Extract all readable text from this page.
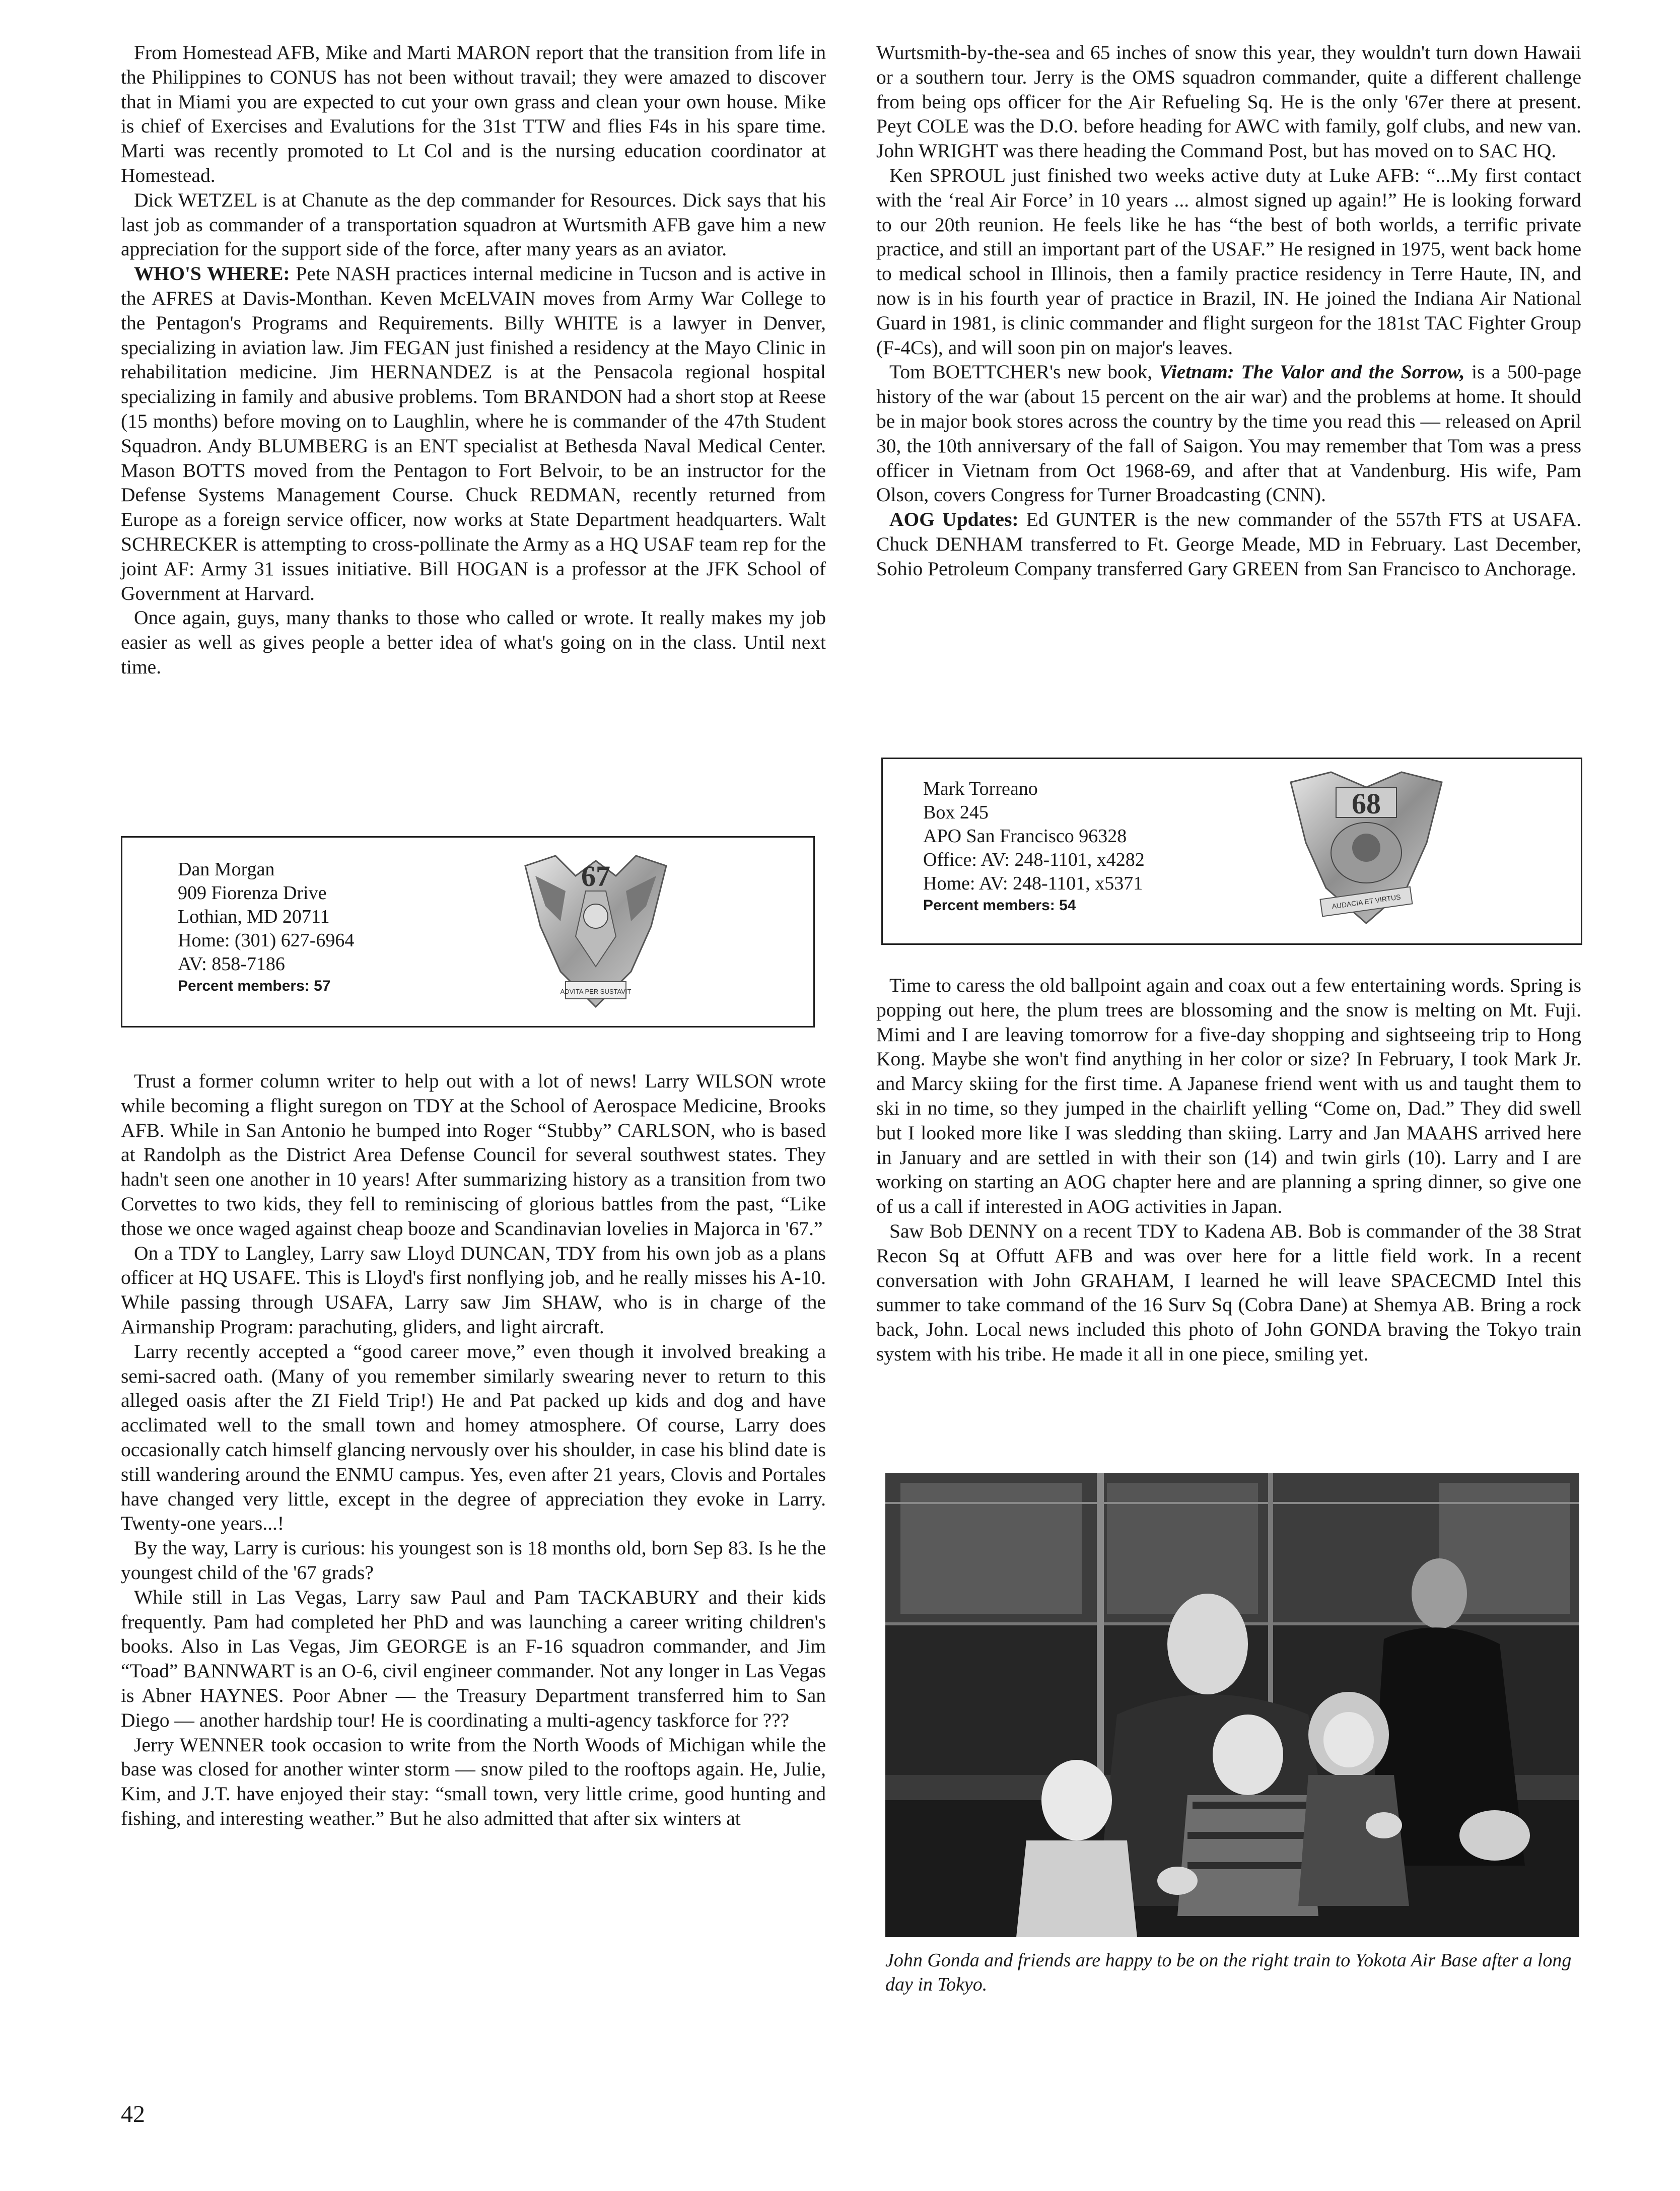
From Homestead AFB, Mike and Marti MARON report that the transition from life in the Philippines to CONUS has not been without travail; they were amazed to discover that in Miami you are expected to cut your own grass and clean your own house. Mike is chief of Exercises and Evalutions for the 31st TTW and flies F4s in his spare time. Marti was recently promoted to Lt Col and is the nursing education coordinator at Homestead.

Dick WETZEL is at Chanute as the dep commander for Resources. Dick says that his last job as commander of a transportation squadron at Wurtsmith AFB gave him a new appreciation for the support side of the force, after many years as an aviator.

WHO'S WHERE: Pete NASH practices internal medicine in Tucson and is active in the AFRES at Davis-Monthan. Keven McELVAIN moves from Army War College to the Pentagon's Programs and Requirements. Billy WHITE is a lawyer in Denver, specializing in aviation law. Jim FEGAN just finished a residency at the Mayo Clinic in rehabilitation medicine. Jim HERNANDEZ is at the Pensacola regional hospital specializing in family and abusive problems. Tom BRANDON had a short stop at Reese (15 months) before moving on to Laughlin, where he is commander of the 47th Student Squadron. Andy BLUMBERG is an ENT specialist at Bethesda Naval Medical Center. Mason BOTTS moved from the Pentagon to Fort Belvoir, to be an instructor for the Defense Systems Management Course. Chuck REDMAN, recently returned from Europe as a foreign service officer, now works at State Department headquarters. Walt SCHRECKER is attempting to cross-pollinate the Army as a HQ USAF team rep for the joint AF: Army 31 issues initiative. Bill HOGAN is a professor at the JFK School of Government at Harvard.

Once again, guys, many thanks to those who called or wrote. It really makes my job easier as well as gives people a better idea of what's going on in the class. Until next time.

Dan Morgan
909 Fiorenza Drive
Lothian, MD 20711
Home: (301) 627-6964
AV: 858-7186
Percent members: 57
67
ADVITA PER SUSTAVIT

Trust a former column writer to help out with a lot of news! Larry WILSON wrote while becoming a flight suregon on TDY at the School of Aerospace Medicine, Brooks AFB. While in San Antonio he bumped into Roger “Stubby” CARLSON, who is based at Randolph as the District Area Defense Council for several southwest states. They hadn't seen one another in 10 years! After summarizing history as a transition from two Corvettes to two kids, they fell to reminiscing of glorious battles from the past, “Like those we once waged against cheap booze and Scandinavian lovelies in Majorca in '67.”

On a TDY to Langley, Larry saw Lloyd DUNCAN, TDY from his own job as a plans officer at HQ USAFE. This is Lloyd's first nonflying job, and he really misses his A-10. While passing through USAFA, Larry saw Jim SHAW, who is in charge of the Airmanship Program: parachuting, gliders, and light aircraft.

Larry recently accepted a “good career move,” even though it involved breaking a semi-sacred oath. (Many of you remember similarly swearing never to return to this alleged oasis after the ZI Field Trip!) He and Pat packed up kids and dog and have acclimated well to the small town and homey atmosphere. Of course, Larry does occasionally catch himself glancing nervously over his shoulder, in case his blind date is still wandering around the ENMU campus. Yes, even after 21 years, Clovis and Portales have changed very little, except in the degree of appreciation they evoke in Larry. Twenty-one years...!

By the way, Larry is curious: his youngest son is 18 months old, born Sep 83. Is he the youngest child of the '67 grads?

While still in Las Vegas, Larry saw Paul and Pam TACKABURY and their kids frequently. Pam had completed her PhD and was launching a career writing children's books. Also in Las Vegas, Jim GEORGE is an F-16 squadron commander, and Jim “Toad” BANNWART is an O-6, civil engineer commander. Not any longer in Las Vegas is Abner HAYNES. Poor Abner — the Treasury Department transferred him to San Diego — another hardship tour! He is coordinating a multi-agency taskforce for ???

Jerry WENNER took occasion to write from the North Woods of Michigan while the base was closed for another winter storm — snow piled to the rooftops again. He, Julie, Kim, and J.T. have enjoyed their stay: “small town, very little crime, good hunting and fishing, and interesting weather.” But he also admitted that after six winters at

Wurtsmith-by-the-sea and 65 inches of snow this year, they wouldn't turn down Hawaii or a southern tour. Jerry is the OMS squadron commander, quite a different challenge from being ops officer for the Air Refueling Sq. He is the only '67er there at present. Peyt COLE was the D.O. before heading for AWC with family, golf clubs, and new van. John WRIGHT was there heading the Command Post, but has moved on to SAC HQ.

Ken SPROUL just finished two weeks active duty at Luke AFB: “...My first contact with the ‘real Air Force’ in 10 years ... almost signed up again!” He is looking forward to our 20th reunion. He feels like he has “the best of both worlds, a terrific private practice, and still an important part of the USAF.” He resigned in 1975, went back home to medical school in Illinois, then a family practice residency in Terre Haute, IN, and now is in his fourth year of practice in Brazil, IN. He joined the Indiana Air National Guard in 1981, is clinic commander and flight surgeon for the 181st TAC Fighter Group (F-4Cs), and will soon pin on major's leaves.

Tom BOETTCHER's new book, Vietnam: The Valor and the Sorrow, is a 500-page history of the war (about 15 percent on the air war) and the problems at home. It should be in major book stores across the country by the time you read this — released on April 30, the 10th anniversary of the fall of Saigon. You may remember that Tom was a press officer in Vietnam from Oct 1968-69, and after that at Vandenburg. His wife, Pam Olson, covers Congress for Turner Broadcasting (CNN).

AOG Updates: Ed GUNTER is the new commander of the 557th FTS at USAFA. Chuck DENHAM transferred to Ft. George Meade, MD in February. Last December, Sohio Petroleum Company transferred Gary GREEN from San Francisco to Anchorage.

Mark Torreano
Box 245
APO San Francisco 96328
Office: AV: 248-1101, x4282
Home: AV: 248-1101, x5371
Percent members: 54
68
AUDACIA ET VIRTUS

Time to caress the old ballpoint again and coax out a few entertaining words. Spring is popping out here, the plum trees are blossoming and the snow is melting on Mt. Fuji. Mimi and I are leaving tomorrow for a five-day shopping and sightseeing trip to Hong Kong. Maybe she won't find anything in her color or size? In February, I took Mark Jr. and Marcy skiing for the first time. A Japanese friend went with us and taught them to ski in no time, so they jumped in the chairlift yelling “Come on, Dad.” They did swell but I looked more like I was sledding than skiing. Larry and Jan MAAHS arrived here in January and are settled in with their son (14) and twin girls (10). Larry and I are working on starting an AOG chapter here and are planning a spring dinner, so give one of us a call if interested in AOG activities in Japan.

Saw Bob DENNY on a recent TDY to Kadena AB. Bob is commander of the 38 Strat Recon Sq at Offutt AFB and was over here for a little field work. In a recent conversation with John GRAHAM, I learned he will leave SPACECMD Intel this summer to take command of the 16 Surv Sq (Cobra Dane) at Shemya AB. Bring a rock back, John. Local news included this photo of John GONDA braving the Tokyo train system with his tribe. He made it all in one piece, smiling yet.

John Gonda and friends are happy to be on the right train to Yokota Air Base after a long day in Tokyo.
42
